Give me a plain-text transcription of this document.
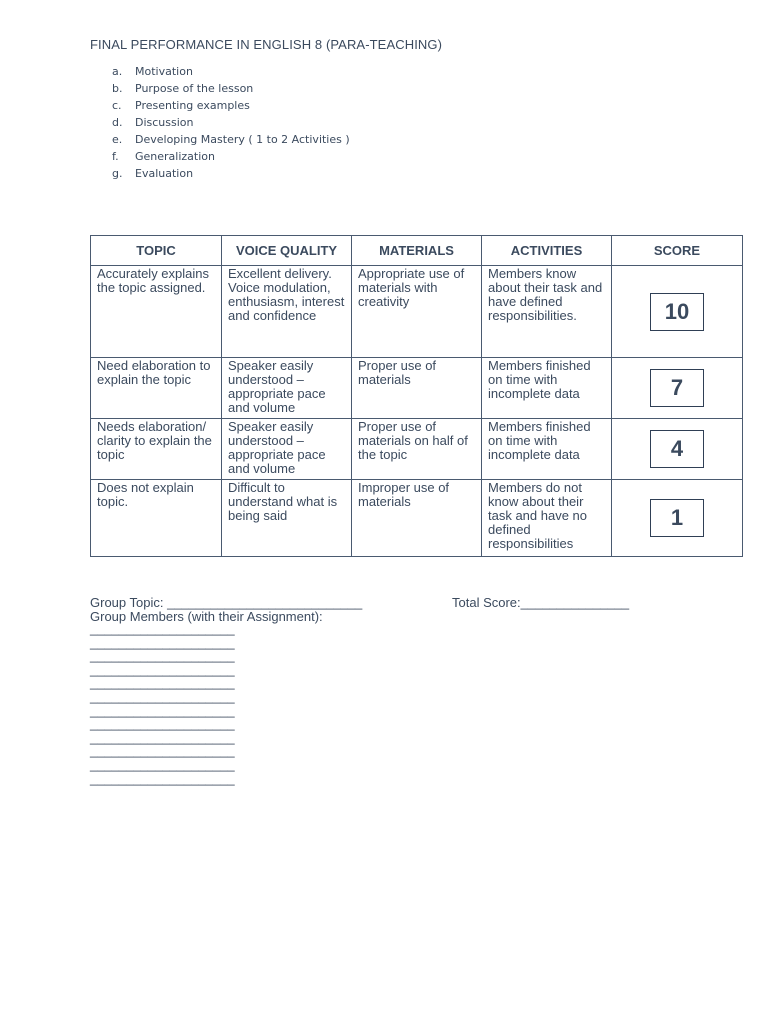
FINAL PERFORMANCE IN ENGLISH 8 (PARA-TEACHING)
a. Motivation
b. Purpose of the lesson
c. Presenting examples
d. Discussion
e. Developing Mastery ( 1 to 2 Activities )
f. Generalization
g. Evaluation
TOPIC	VOICE QUALITY	MATERIALS	ACTIVITIES	SCORE
Accurately explains the topic assigned.	Excellent delivery. Voice modulation, enthusiasm, interest and confidence	Appropriate use of materials with creativity	Members know about their task and have defined responsibilities.	10

Need elaboration to explain the topic	Speaker easily understood – appropriate pace and volume	Proper use of materials	Members finished on time with incomplete data	7

Needs elaboration/ clarity to explain the topic	Speaker easily understood – appropriate pace and volume	Proper use of materials on half of the topic	Members finished on time with incomplete data	4

Does not explain topic.	Difficult to understand what is being said	Improper use of materials	Members do not know about their task and have no defined responsibilities	1
Group Topic: ___________________________	Total Score:_______________
Group Members (with their Assignment):
____________________
____________________
____________________
____________________
____________________
____________________
____________________
____________________
____________________
____________________
____________________
____________________
